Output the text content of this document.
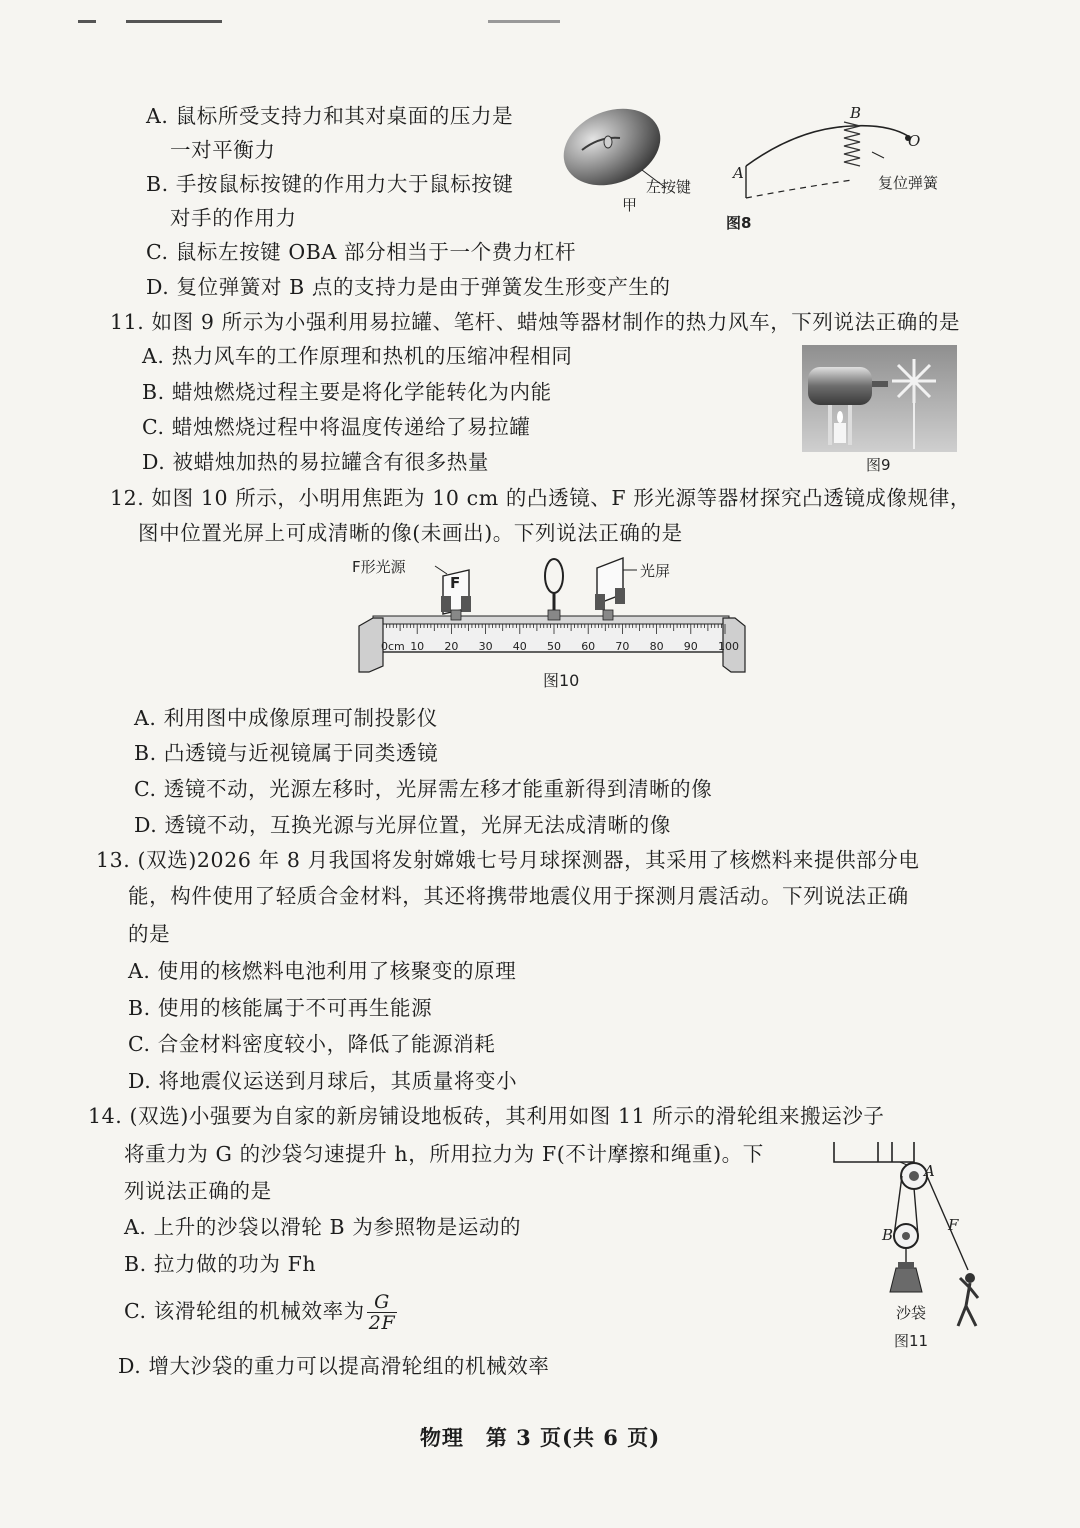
A. 鼠标所受支持力和其对桌面的压力是
一对平衡力
B. 手按鼠标按键的作用力大于鼠标按键
对手的作用力
C. 鼠标左按键 OBA 部分相当于一个费力杠杆
D. 复位弹簧对 B 点的支持力是由于弹簧发生形变产生的
左按键
甲
B
O
A
复位弹簧
图8
11. 如图 9 所示为小强利用易拉罐、笔杆、蜡烛等器材制作的热力风车，下列说法正确的是
A. 热力风车的工作原理和热机的压缩冲程相同
B. 蜡烛燃烧过程主要是将化学能转化为内能
C. 蜡烛燃烧过程中将温度传递给了易拉罐
D. 被蜡烛加热的易拉罐含有很多热量	图9
12. 如图 10 所示，小明用焦距为 10 cm 的凸透镜、F 形光源等器材探究凸透镜成像规律，
图中位置光屏上可成清晰的像(未画出)。下列说法正确的是
F形光源
F
光屏
0cm 10 20 30 40 50 60 70 80 90 100
图10
A. 利用图中成像原理可制投影仪
B. 凸透镜与近视镜属于同类透镜
C. 透镜不动，光源左移时，光屏需左移才能重新得到清晰的像
D. 透镜不动，互换光源与光屏位置，光屏无法成清晰的像
13. (双选)2026 年 8 月我国将发射嫦娥七号月球探测器，其采用了核燃料来提供部分电
能，构件使用了轻质合金材料，其还将携带地震仪用于探测月震活动。下列说法正确
的是
A. 使用的核燃料电池利用了核聚变的原理
B. 使用的核能属于不可再生能源
C. 合金材料密度较小，降低了能源消耗
D. 将地震仪运送到月球后，其质量将变小
14. (双选)小强要为自家的新房铺设地板砖，其利用如图 11 所示的滑轮组来搬运沙子
将重力为 G 的沙袋匀速提升 h，所用拉力为 F(不计摩擦和绳重)。下
列说法正确的是
A. 上升的沙袋以滑轮 B 为参照物是运动的
B. 拉力做的功为 Fh
C. 该滑轮组的机械效率为 $\frac{G}{2F}$
D. 增大沙袋的重力可以提高滑轮组的机械效率
A
B
F
沙袋
图11
物理　第 3 页(共 6 页)
